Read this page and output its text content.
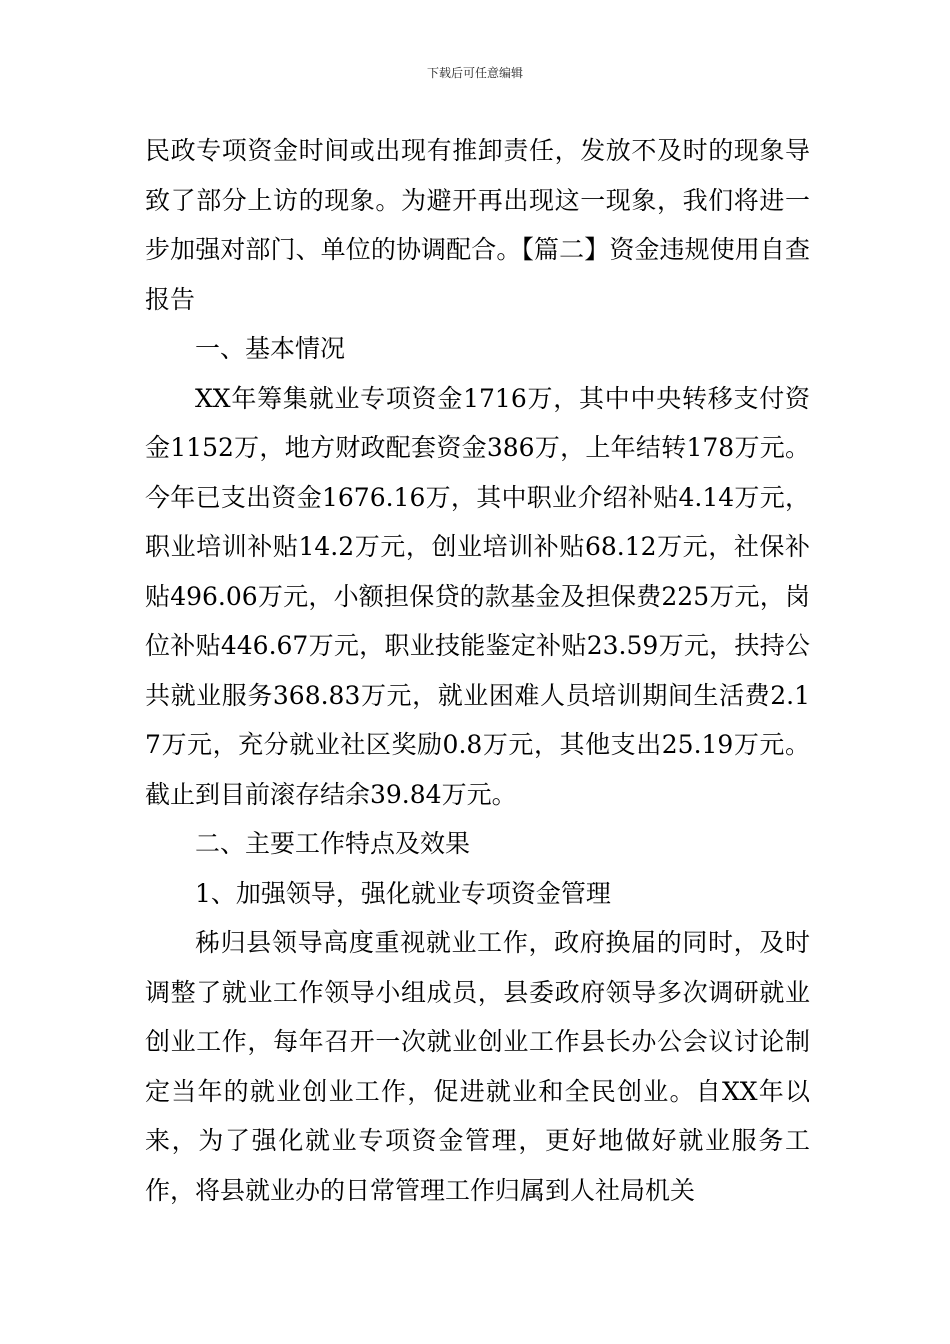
下载后可任意编辑

民政专项资金时间或出现有推卸责任，发放不及时的现象导致了部分上访的现象。为避开再出现这一现象，我们将进一步加强对部门、单位的协调配合。【篇二】资金违规使用自查报告

一、基本情况

XX年筹集就业专项资金1716万，其中中央转移支付资金1152万，地方财政配套资金386万，上年结转178万元。今年已支出资金1676.16万，其中职业介绍补贴4.14万元，职业培训补贴14.2万元，创业培训补贴68.12万元，社保补贴496.06万元，小额担保贷的款基金及担保费225万元，岗位补贴446.67万元，职业技能鉴定补贴23.59万元，扶持公共就业服务368.83万元，就业困难人员培训期间生活费2.17万元，充分就业社区奖励0.8万元，其他支出25.19万元。截止到目前滚存结余39.84万元。

二、主要工作特点及效果

1、加强领导，强化就业专项资金管理

秭归县领导高度重视就业工作，政府换届的同时，及时调整了就业工作领导小组成员，县委政府领导多次调研就业创业工作，每年召开一次就业创业工作县长办公会议讨论制定当年的就业创业工作，促进就业和全民创业。自XX年以来，为了强化就业专项资金管理，更好地做好就业服务工作，将县就业办的日常管理工作归属到人社局机关
